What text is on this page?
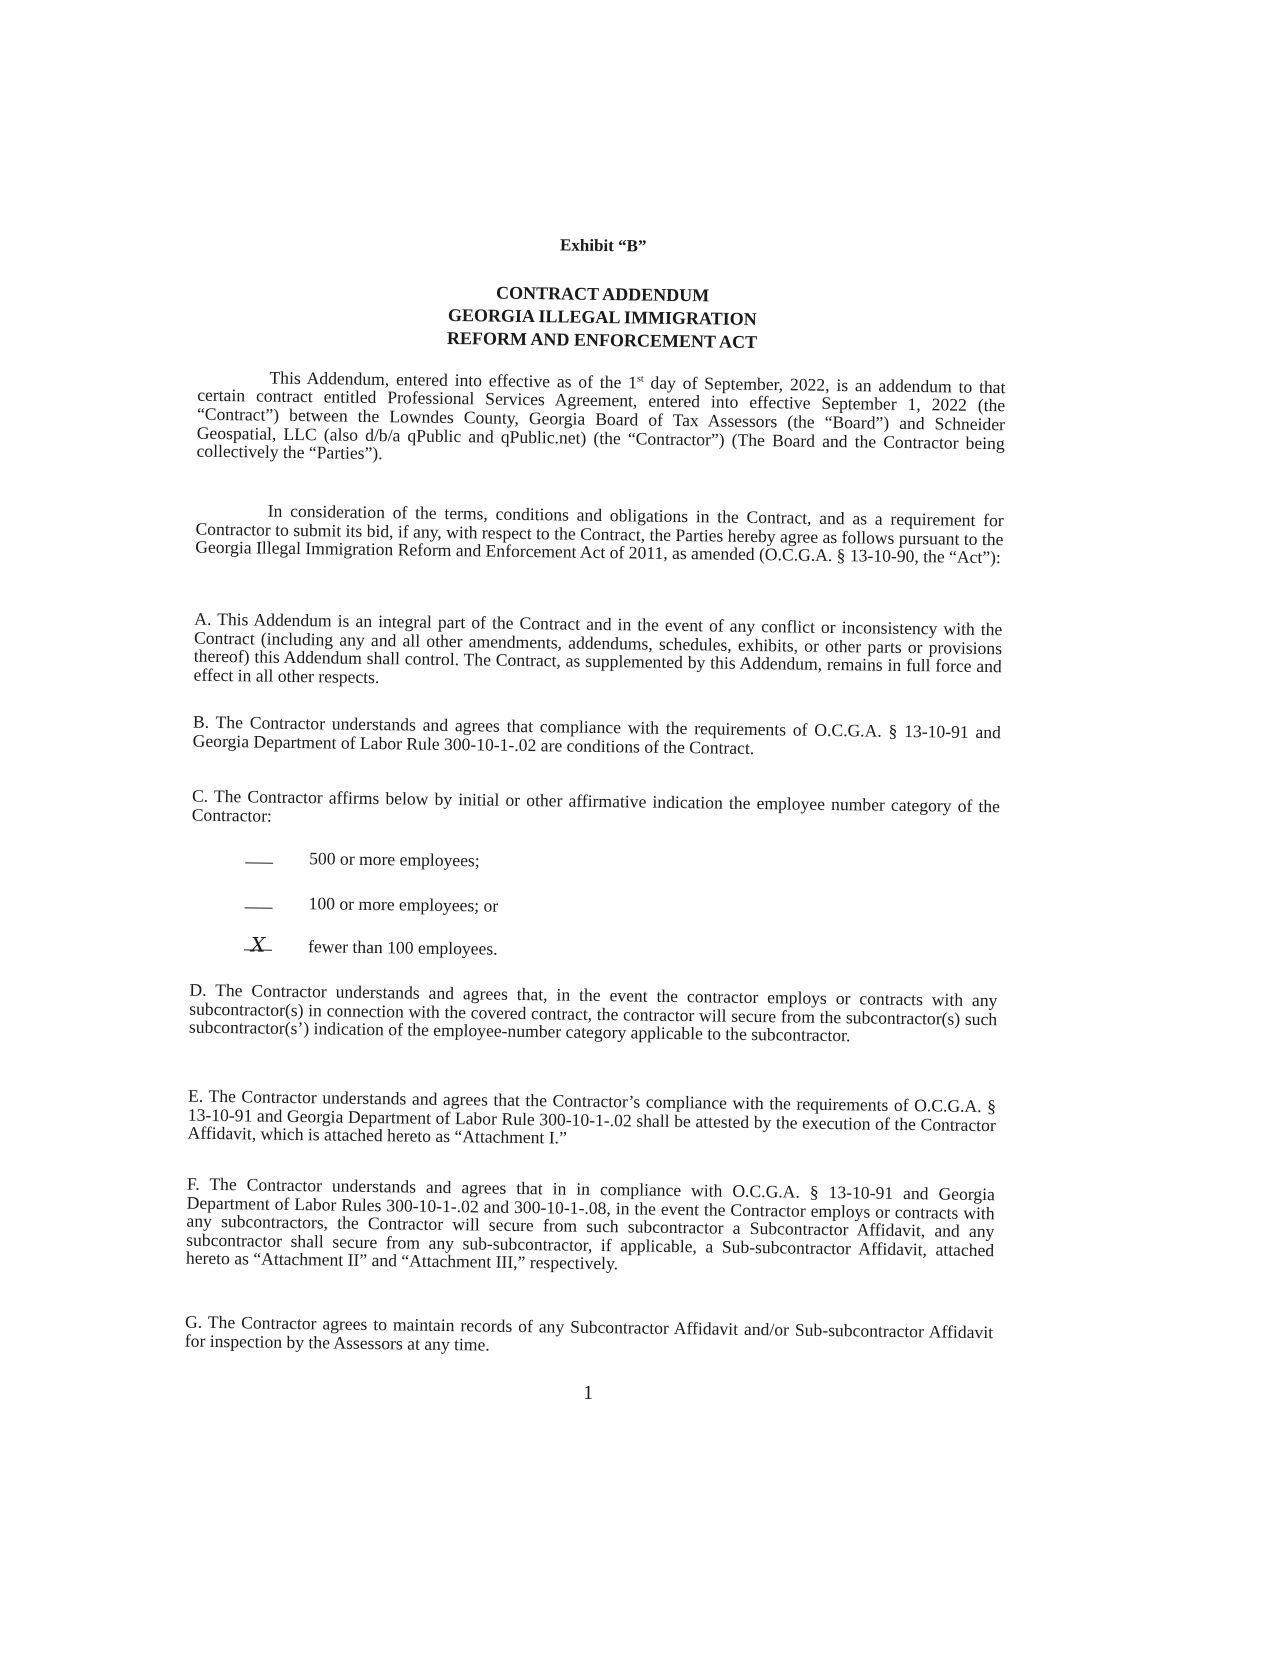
Exhibit “B”
CONTRACT ADDENDUM
GEORGIA ILLEGAL IMMIGRATION
REFORM AND ENFORCEMENT ACT
This Addendum, entered into effective as of the 1st day of September, 2022, is an addendum to that certain contract entitled Professional Services Agreement, entered into effective September 1, 2022 (the “Contract”) between the Lowndes County, Georgia Board of Tax Assessors (the “Board”) and Schneider Geospatial, LLC (also d/b/a qPublic and qPublic.net) (the “Contractor”) (The Board and the Contractor being collectively the “Parties”).
In consideration of the terms, conditions and obligations in the Contract, and as a requirement for Contractor to submit its bid, if any, with respect to the Contract, the Parties hereby agree as follows pursuant to the Georgia Illegal Immigration Reform and Enforcement Act of 2011, as amended (O.C.G.A. § 13-10-90, the “Act”):
A. This Addendum is an integral part of the Contract and in the event of any conflict or inconsistency with the Contract (including any and all other amendments, addendums, schedules, exhibits, or other parts or provisions thereof) this Addendum shall control. The Contract, as supplemented by this Addendum, remains in full force and effect in all other respects.
B. The Contractor understands and agrees that compliance with the requirements of O.C.G.A. § 13-10-91 and Georgia Department of Labor Rule 300-10-1-.02 are conditions of the Contract.
C. The Contractor affirms below by initial or other affirmative indication the employee number category of the Contractor:
500 or more employees;
100 or more employees; or
X	fewer than 100 employees.
D. The Contractor understands and agrees that, in the event the contractor employs or contracts with any subcontractor(s) in connection with the covered contract, the contractor will secure from the subcontractor(s) such subcontractor(s’) indication of the employee-number category applicable to the subcontractor.
E. The Contractor understands and agrees that the Contractor’s compliance with the requirements of O.C.G.A. § 13-10-91 and Georgia Department of Labor Rule 300-10-1-.02 shall be attested by the execution of the Contractor Affidavit, which is attached hereto as “Attachment I.”
F. The Contractor understands and agrees that in in compliance with O.C.G.A. § 13-10-91 and Georgia Department of Labor Rules 300-10-1-.02 and 300-10-1-.08, in the event the Contractor employs or contracts with any subcontractors, the Contractor will secure from such subcontractor a Subcontractor Affidavit, and any subcontractor shall secure from any sub-subcontractor, if applicable, a Sub-subcontractor Affidavit, attached hereto as “Attachment II” and “Attachment III,” respectively.
G. The Contractor agrees to maintain records of any Subcontractor Affidavit and/or Sub-subcontractor Affidavit for inspection by the Assessors at any time.
1
